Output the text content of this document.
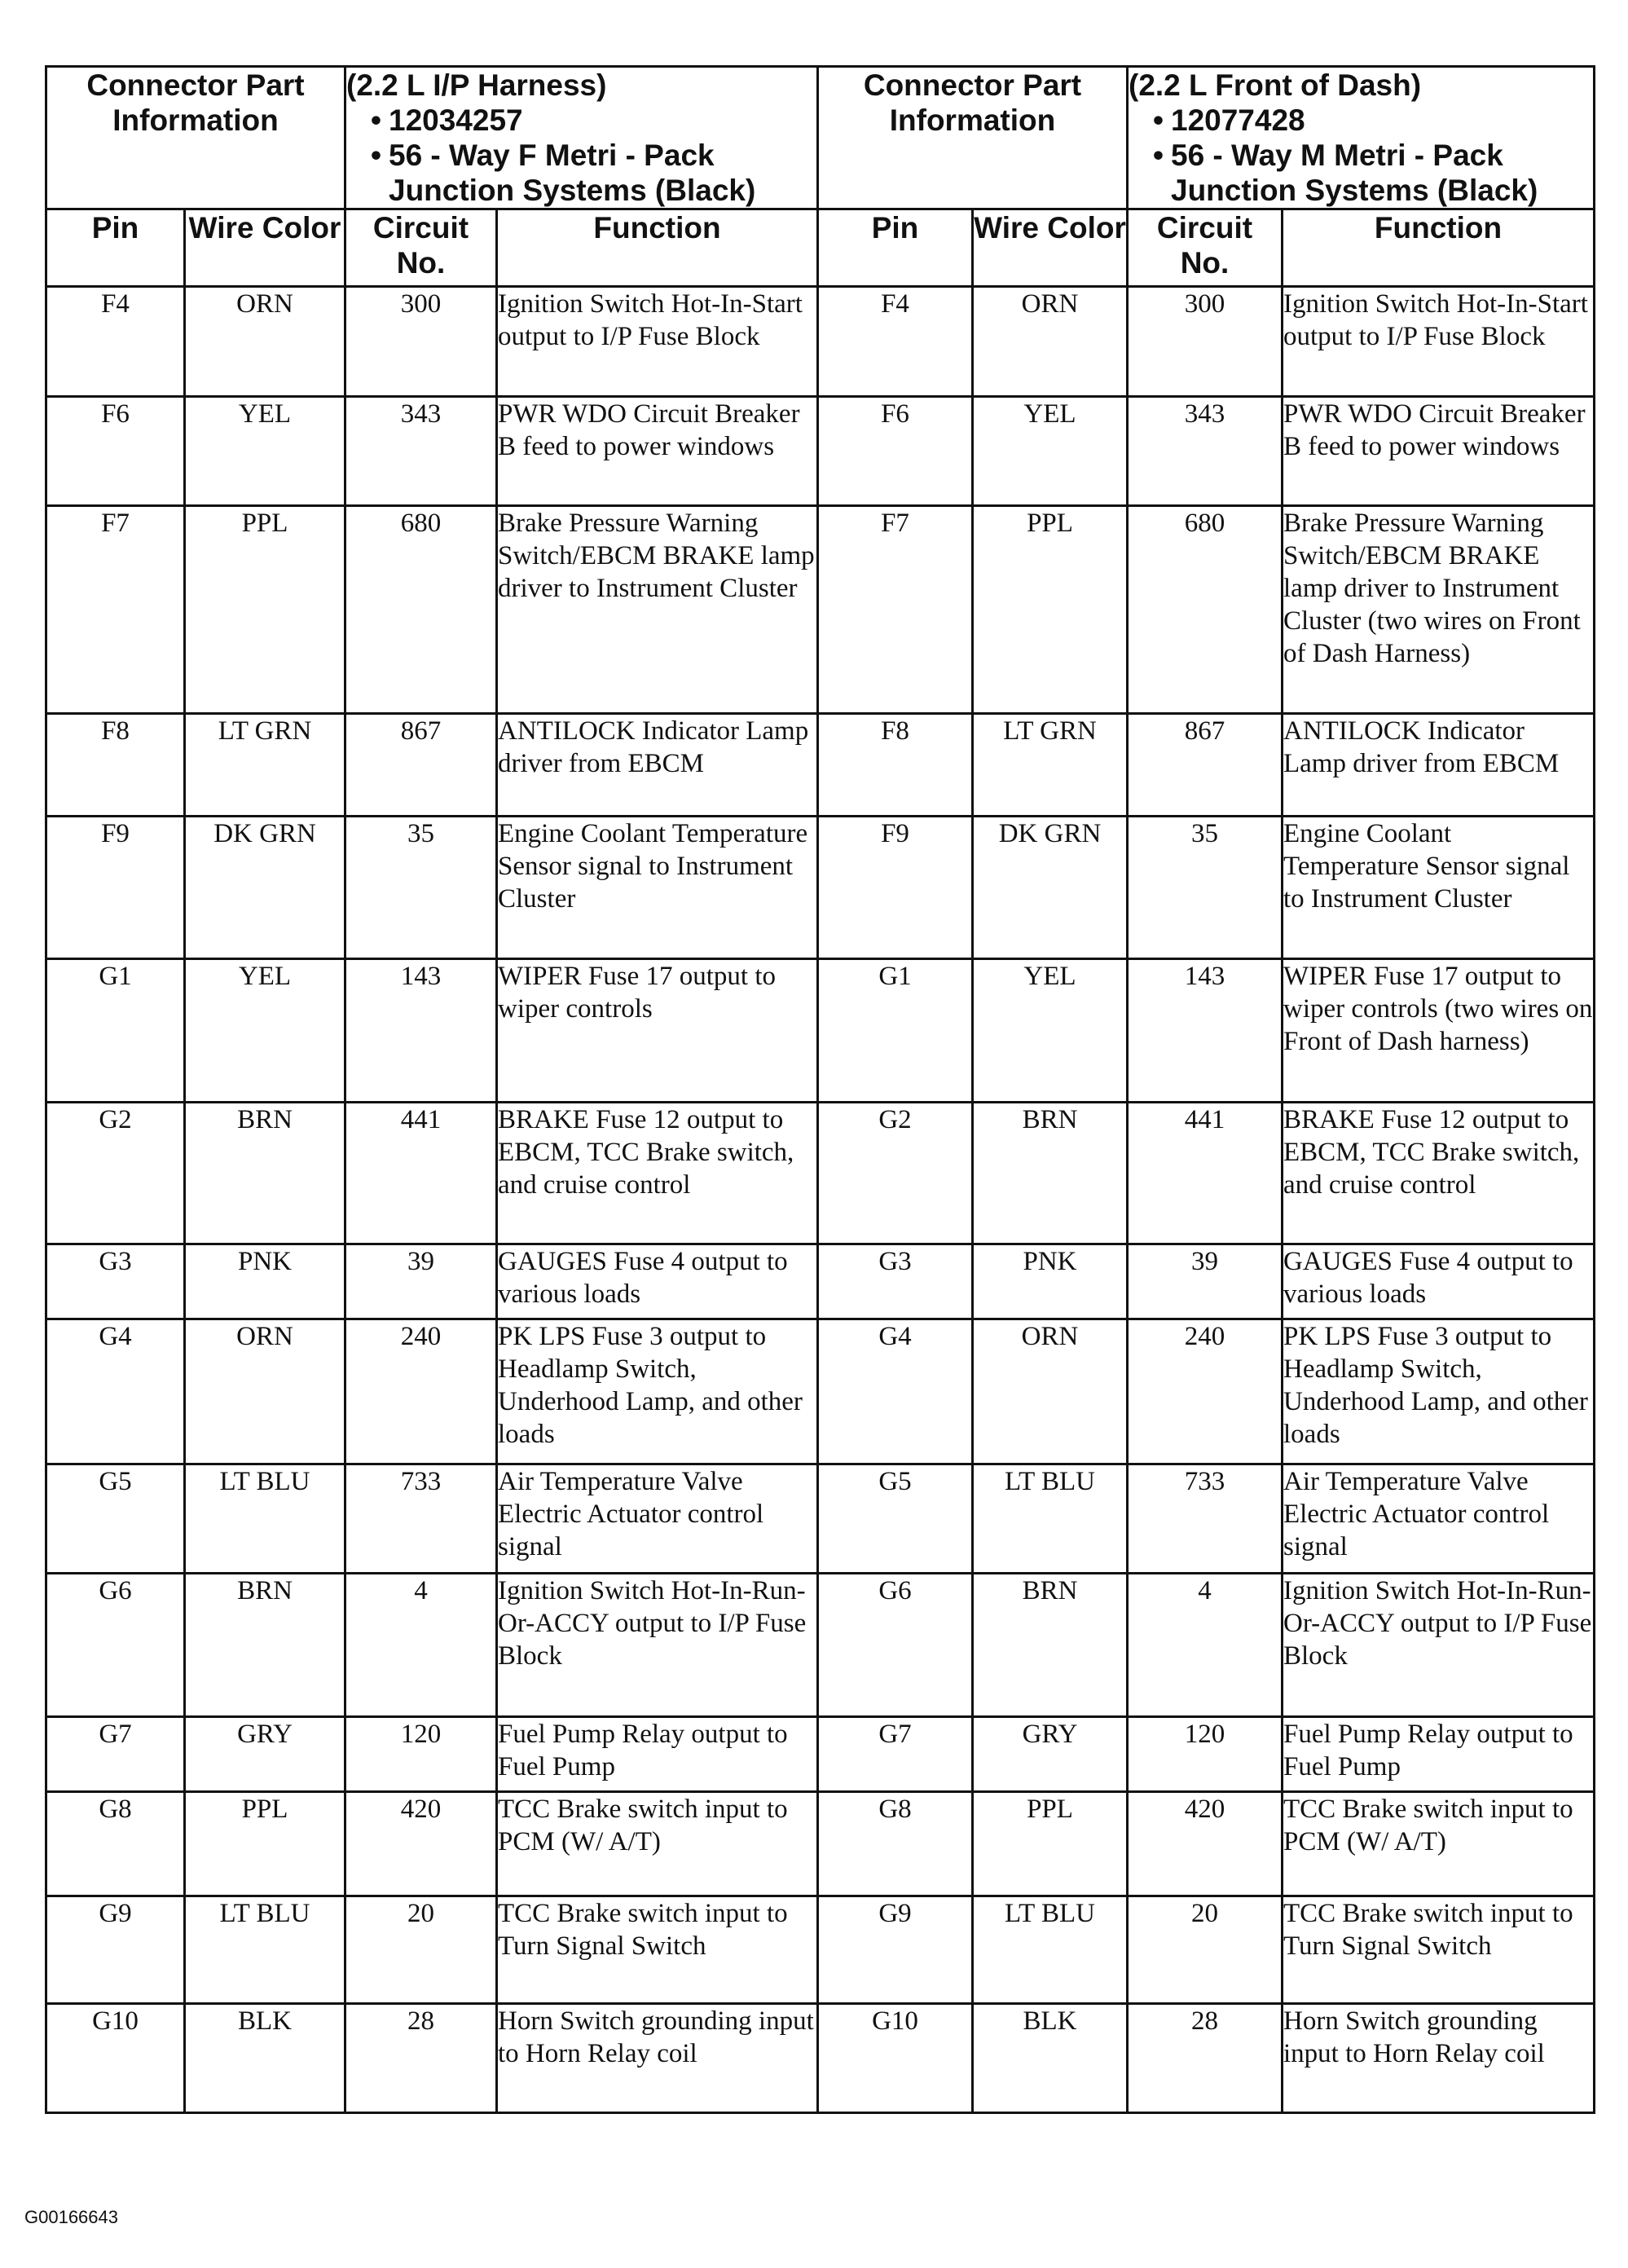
Connector Part Information		(2.2 L I/P Harness)
• 12034257
• 56 - Way F Metri - Pack Junction Systems (Black)		Connector Part Information		(2.2 L Front of Dash)
• 12077428
• 56 - Way M Metri - Pack Junction Systems (Black)

Pin	Wire Color	Circuit No.	Function	Pin	Wire Color	Circuit No.	Function
F4	ORN	300	Ignition Switch Hot-In-Start output to I/P Fuse Block	F4	ORN	300	Ignition Switch Hot-In-Start output to I/P Fuse Block
F6	YEL	343	PWR WDO Circuit Breaker B feed to power windows	F6	YEL	343	PWR WDO Circuit Breaker B feed to power windows
F7	PPL	680	Brake Pressure Warning Switch/EBCM BRAKE lamp driver to Instrument Cluster	F7	PPL	680	Brake Pressure Warning Switch/EBCM BRAKE lamp driver to Instrument Cluster (two wires on Front of Dash Harness)
F8	LT GRN	867	ANTILOCK Indicator Lamp driver from EBCM	F8	LT GRN	867	ANTILOCK Indicator Lamp driver from EBCM
F9	DK GRN	35	Engine Coolant Temperature Sensor signal to Instrument Cluster	F9	DK GRN	35	Engine Coolant Temperature Sensor signal to Instrument Cluster
G1	YEL	143	WIPER Fuse 17 output to wiper controls	G1	YEL	143	WIPER Fuse 17 output to wiper controls (two wires on Front of Dash harness)
G2	BRN	441	BRAKE Fuse 12 output to EBCM, TCC Brake switch, and cruise control	G2	BRN	441	BRAKE Fuse 12 output to EBCM, TCC Brake switch, and cruise control
G3	PNK	39	GAUGES Fuse 4 output to various loads	G3	PNK	39	GAUGES Fuse 4 output to various loads
G4	ORN	240	PK LPS Fuse 3 output to Headlamp Switch, Underhood Lamp, and other loads	G4	ORN	240	PK LPS Fuse 3 output to Headlamp Switch, Underhood Lamp, and other loads
G5	LT BLU	733	Air Temperature Valve Electric Actuator control signal	G5	LT BLU	733	Air Temperature Valve Electric Actuator control signal
G6	BRN	4	Ignition Switch Hot-In-Run-Or-ACCY output to I/P Fuse Block	G6	BRN	4	Ignition Switch Hot-In-Run-Or-ACCY output to I/P Fuse Block
G7	GRY	120	Fuel Pump Relay output to Fuel Pump	G7	GRY	120	Fuel Pump Relay output to Fuel Pump
G8	PPL	420	TCC Brake switch input to PCM (W/ A/T)	G8	PPL	420	TCC Brake switch input to PCM (W/ A/T)
G9	LT BLU	20	TCC Brake switch input to Turn Signal Switch	G9	LT BLU	20	TCC Brake switch input to Turn Signal Switch
G10	BLK	28	Horn Switch grounding input to Horn Relay coil	G10	BLK	28	Horn Switch grounding input to Horn Relay coil
G00166643
